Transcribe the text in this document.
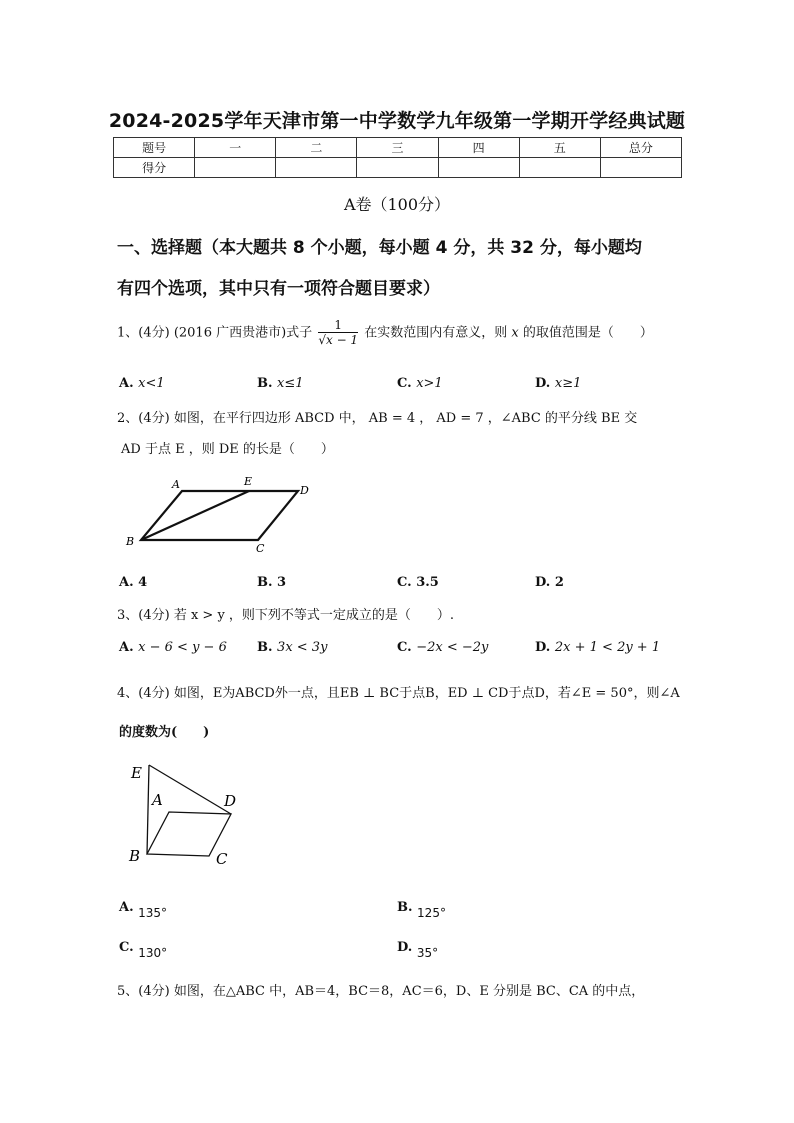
2024-2025学年天津市第一中学数学九年级第一学期开学经典试题
题号	一	二	三	四	五	总分
得分						
A卷（100分）
一、选择题（本大题共 8 个小题，每小题 4 分，共 32 分，每小题均
有四个选项，其中只有一项符合题目要求）
1、(4分) (2016 广西贵港市)式子 $\frac{1}{√x - 1}$ 在实数范围内有意义，则 x 的取值范围是（　　）
A. x<1	B. x≤1	C. x>1	D. x≥1
2、(4分) 如图，在平行四边形 ABCD 中， AB = 4 ， AD = 7 ，∠ABC 的平分线 BE 交
AD 于点 E ，则 DE 的长是（　　）
A	E
D
B
C
A. 4	B. 3	C. 3.5	D. 2
3、(4分) 若 x > y ，则下列不等式一定成立的是（　　）.
A. x − 6 < y − 6 B. 3x < 3y	C. −2x < −2y	D. 2x + 1 < 2y + 1
4、(4分) 如图，E为ABCD外一点，且EB ⊥ BC于点B，ED ⊥ CD于点D，若∠E = 50°，则∠A
的度数为(　　)
E
A	D
B	C
A. 135°	B. 125°
C. 130°	D. 35°
5、(4分) 如图，在△ABC 中，AB＝4，BC＝8，AC＝6，D、E 分别是 BC、CA 的中点，
